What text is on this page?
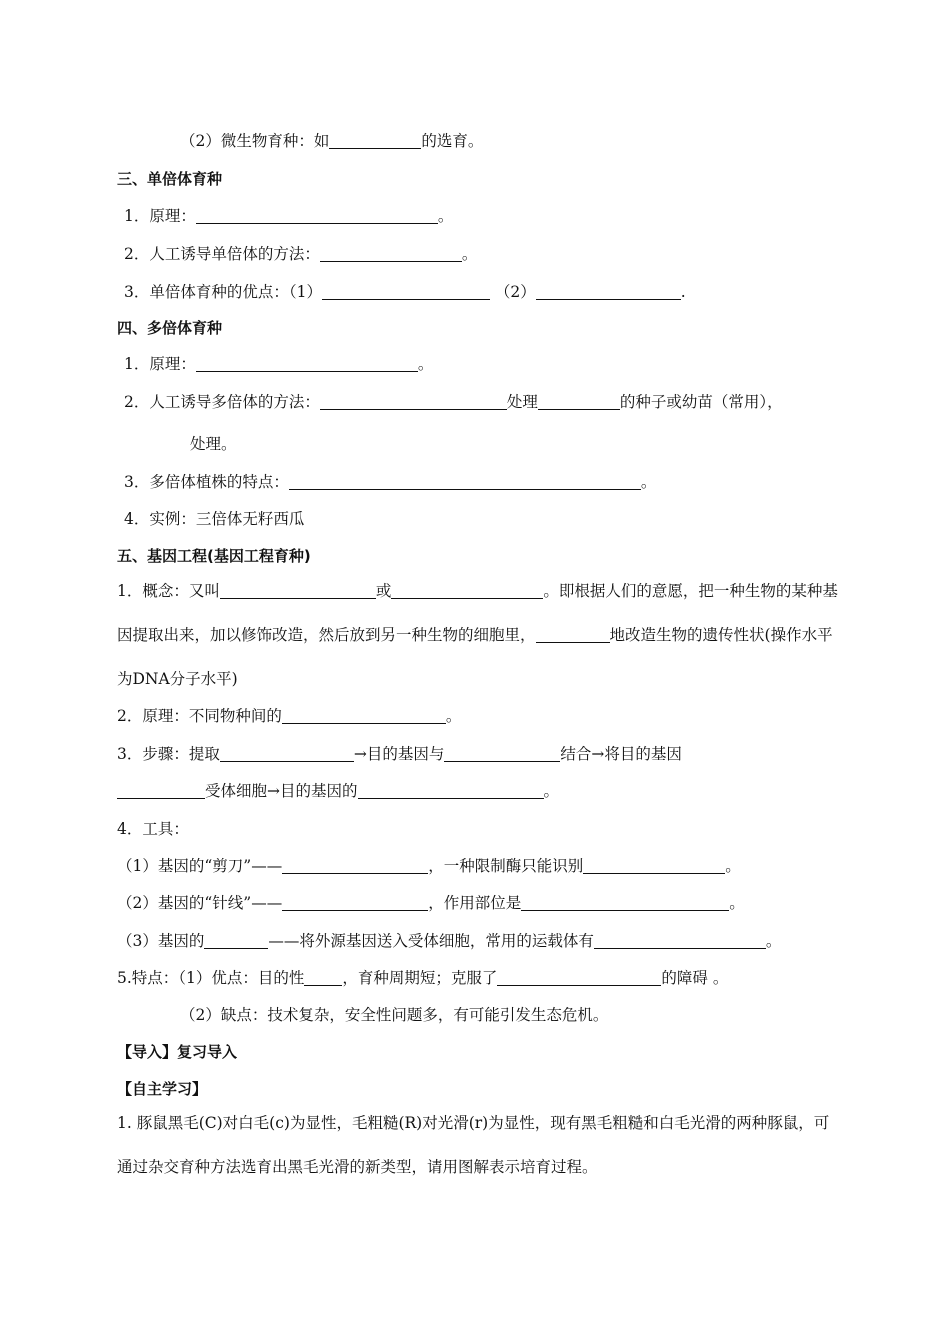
（2）微生物育种：如	的选育。
三、单倍体育种
1．原理：	。
2．人工诱导单倍体的方法：	。
3．单倍体育种的优点：（1）	（2）	.
四、多倍体育种
1．原理：	。
2．人工诱导多倍体的方法：	处理	的种子或幼苗（常用），
处理。
3．多倍体植株的特点：	。
4．实例：三倍体无籽西瓜
五、基因工程(基因工程育种)
1．概念：又叫	或	。即根据人们的意愿，把一种生物的某种基因提取出来，加以修饰改造，然后放到另一种生物的细胞里，	地改造生物的遗传性状(操作水平为DNA分子水平)
2．原理：不同物种间的	。
3．步骤：提取	→目的基因与	结合→将目的基因
受体细胞→目的基因的	。
4．工具：
（1）基因的“剪刀”——	，一种限制酶只能识别	。
（2）基因的“针线”——	，作用部位是	。
（3）基因的	——将外源基因送入受体细胞，常用的运载体有	。
5.特点：（1）优点：目的性 ，育种周期短；克服了	的障碍 。
（2）缺点：技术复杂，安全性问题多，有可能引发生态危机。
【导入】复习导入
【自主学习】
1. 豚鼠黑毛(C)对白毛(c)为显性，毛粗糙(R)对光滑(r)为显性，现有黑毛粗糙和白毛光滑的两种豚鼠，可通过杂交育种方法选育出黑毛光滑的新类型，请用图解表示培育过程。
